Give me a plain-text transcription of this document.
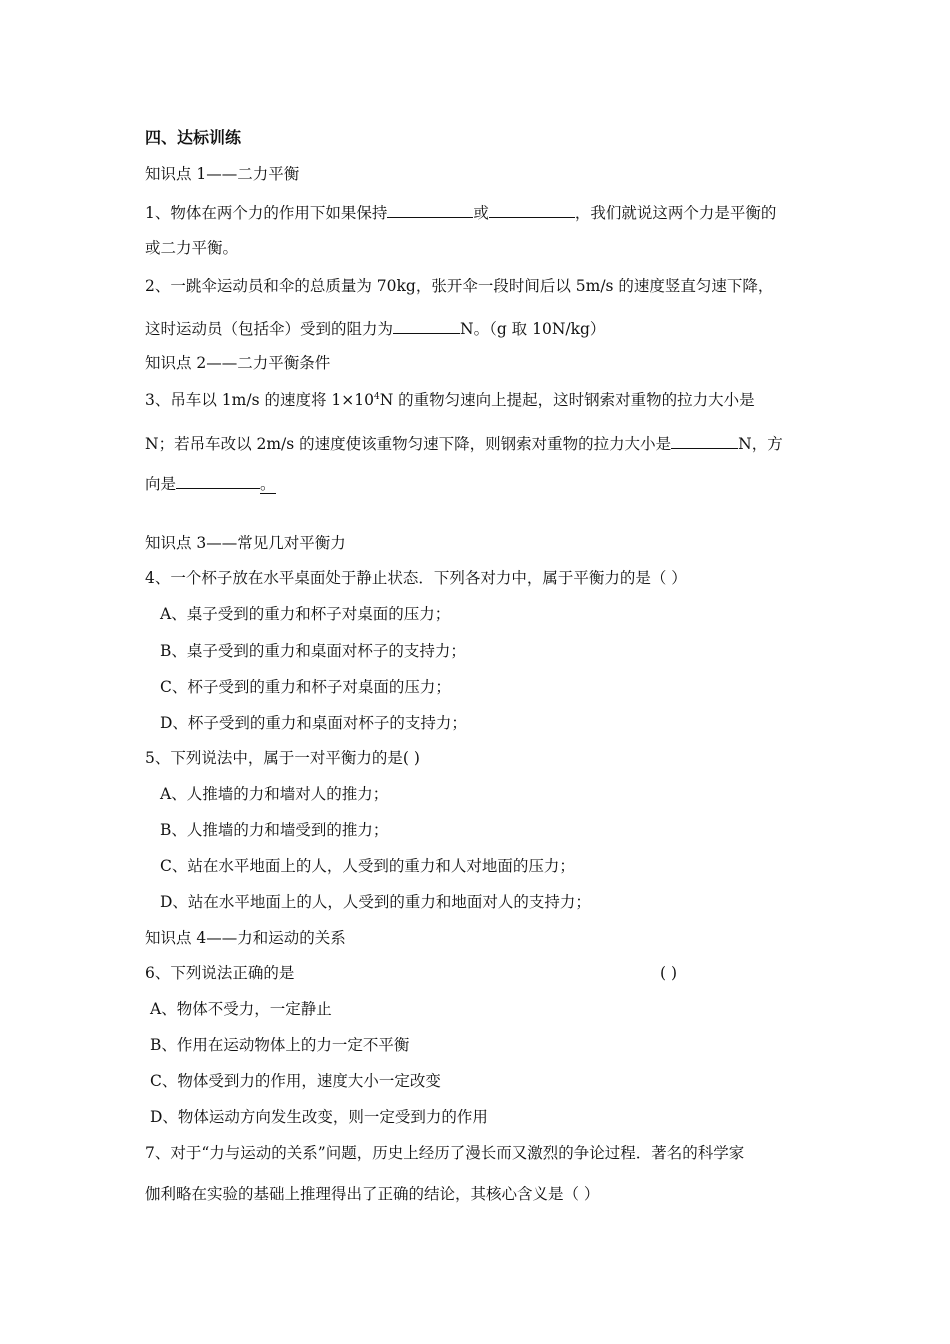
四、达标训练
知识点 1——二力平衡
1、物体在两个力的作用下如果保持	或	，我们就说这两个力是平衡的
或二力平衡。
2、一跳伞运动员和伞的总质量为 70kg，张开伞一段时间后以 5m/s 的速度竖直匀速下降，
这时运动员（包括伞）受到的阻力为	N。（g 取 10N/kg）
知识点 2——二力平衡条件
3、吊车以 1m/s 的速度将 $1\times 10^4N$ 的重物匀速向上提起，这时钢索对重物的拉力大小是
N；若吊车改以 2m/s 的速度使该重物匀速下降，则钢索对重物的拉力大小是	N，方
向是	。
知识点 3——常见几对平衡力
4、一个杯子放在水平桌面处于静止状态．下列各对力中，属于平衡力的是（ ）
A、桌子受到的重力和杯子对桌面的压力；
B、桌子受到的重力和桌面对杯子的支持力；
C、杯子受到的重力和杯子对桌面的压力；
D、杯子受到的重力和桌面对杯子的支持力；
5、下列说法中，属于一对平衡力的是( )
A、人推墙的力和墙对人的推力；
B、人推墙的力和墙受到的推力；
C、站在水平地面上的人，人受到的重力和人对地面的压力；
D、站在水平地面上的人，人受到的重力和地面对人的支持力；
知识点 4——力和运动的关系
6、下列说法正确的是	( )
A、物体不受力，一定静止
B、作用在运动物体上的力一定不平衡
C、物体受到力的作用，速度大小一定改变
D、物体运动方向发生改变，则一定受到力的作用
7、对于“力与运动的关系”问题，历史上经历了漫长而又激烈的争论过程．著名的科学家
伽利略在实验的基础上推理得出了正确的结论，其核心含义是（ ）
